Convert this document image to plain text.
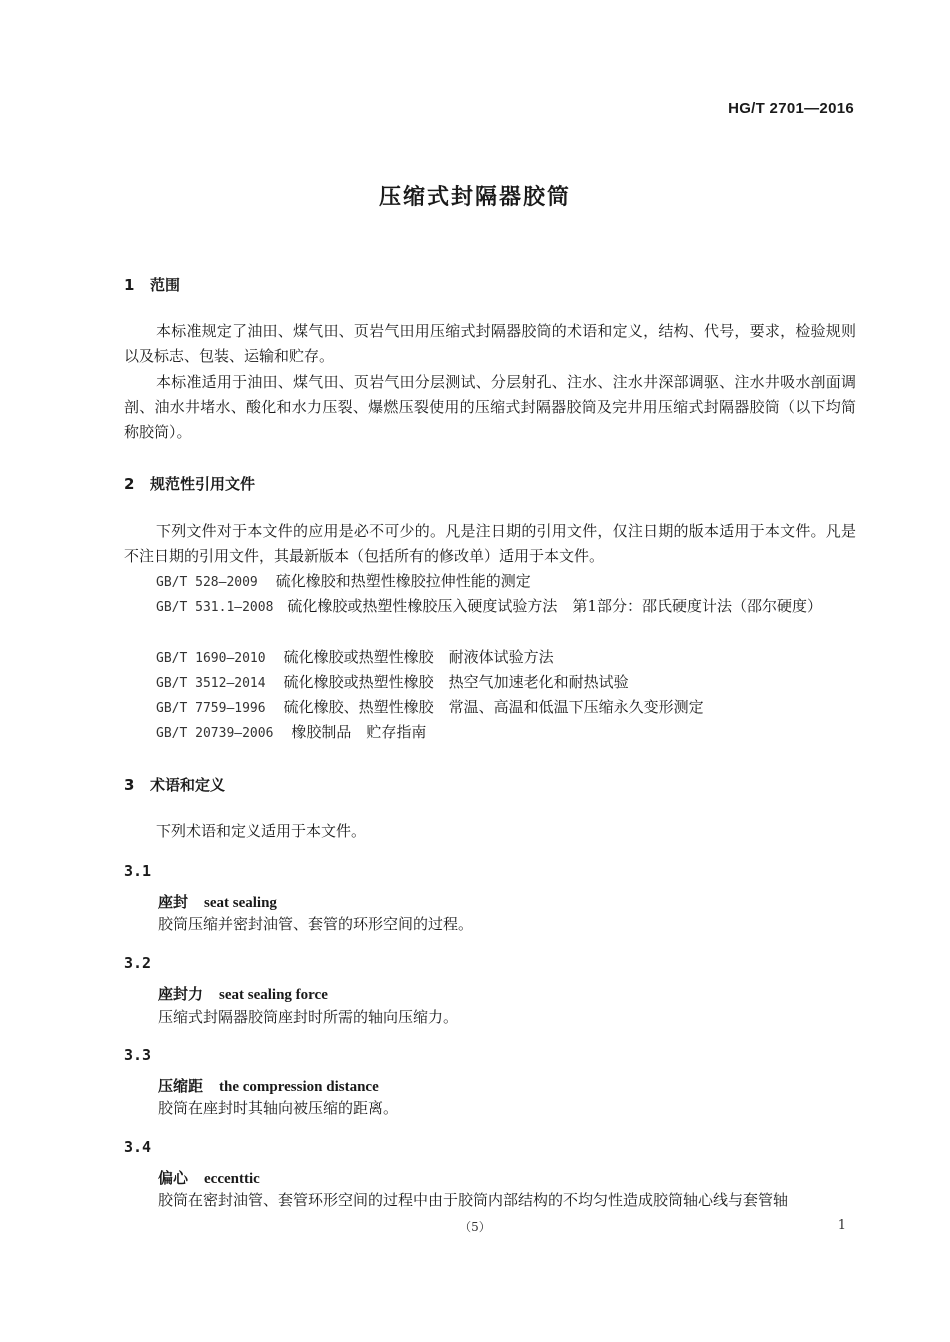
HG/T 2701—2016
压缩式封隔器胶筒
1 范围

本标准规定了油田、煤气田、页岩气田用压缩式封隔器胶筒的术语和定义，结构、代号，要求，检验规则以及标志、包装、运输和贮存。

本标准适用于油田、煤气田、页岩气田分层测试、分层射孔、注水、注水井深部调驱、注水井吸水剖面调剖、油水井堵水、酸化和水力压裂、爆燃压裂使用的压缩式封隔器胶筒及完井用压缩式封隔器胶筒（以下均简称胶筒）。

2 规范性引用文件

下列文件对于本文件的应用是必不可少的。凡是注日期的引用文件，仅注日期的版本适用于本文件。凡是不注日期的引用文件，其最新版本（包括所有的修改单）适用于本文件。

GB/T 528—2009 硫化橡胶和热塑性橡胶拉伸性能的测定

GB/T 531.1—2008 硫化橡胶或热塑性橡胶压入硬度试验方法　第1部分：邵氏硬度计法（邵尔硬度）

GB/T 1690—2010 硫化橡胶或热塑性橡胶　耐液体试验方法

GB/T 3512—2014 硫化橡胶或热塑性橡胶　热空气加速老化和耐热试验

GB/T 7759—1996 硫化橡胶、热塑性橡胶　常温、高温和低温下压缩永久变形测定

GB/T 20739—2006 橡胶制品　贮存指南

3 术语和定义

下列术语和定义适用于本文件。

3.1
座封 seat sealing

胶筒压缩并密封油管、套管的环形空间的过程。

3.2
座封力 seat sealing force

压缩式封隔器胶筒座封时所需的轴向压缩力。

3.3
压缩距 the compression distance

胶筒在座封时其轴向被压缩的距离。

3.4
偏心 eccenttic

胶筒在密封油管、套管环形空间的过程中由于胶筒内部结构的不均匀性造成胶筒轴心线与套管轴

（5）	1
